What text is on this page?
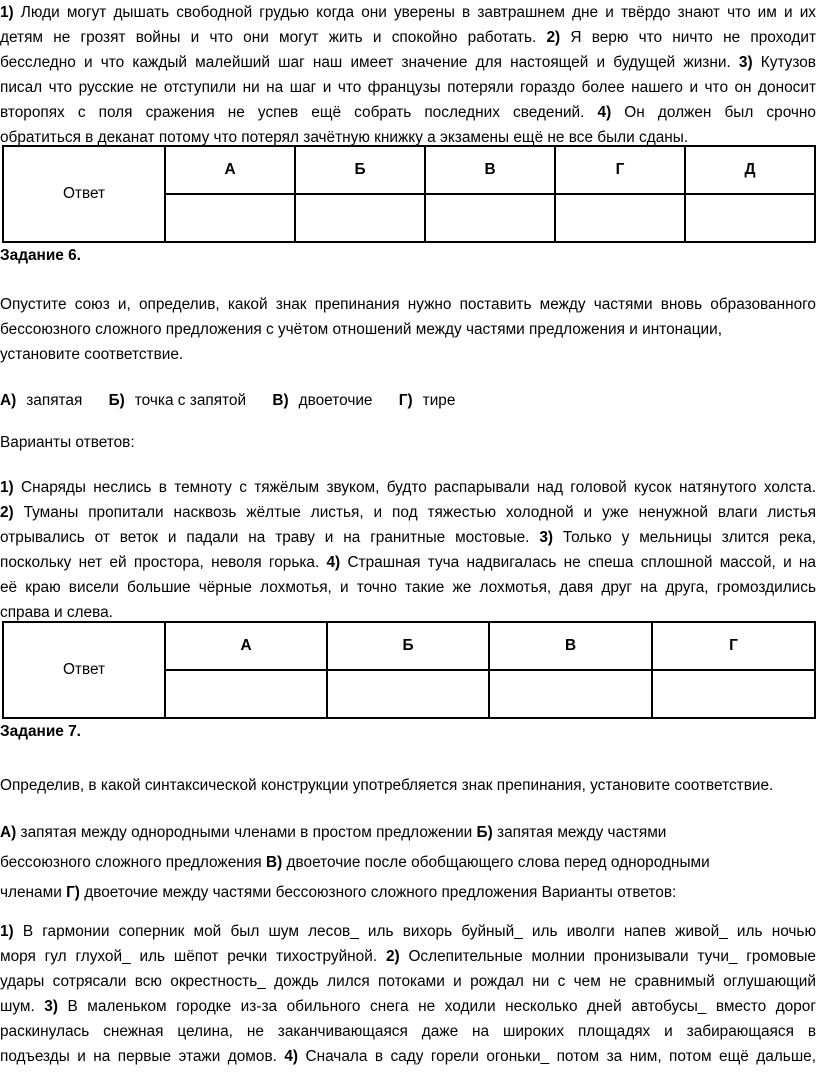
1) Люди могут дышать свободной грудью когда они уверены в завтрашнем дне и твёрдо знают что им и их

детям не грозят войны и что они могут жить и спокойно работать. 2) Я верю что ничто не проходит

бесследно и что каждый малейший шаг наш имеет значение для настоящей и будущей жизни. 3) Кутузов

писал что русские не отступили ни на шаг и что французы потеряли гораздо более нашего и что он доносит

второпях с поля сражения не успев ещё собрать последних сведений. 4) Он должен был срочно

обратиться в деканат потому что потерял зачётную книжку а экзамены ещё не все были сданы.

Ответ	А	Б	В	Г	Д

Задание 6.

Опустите союз и, определив, какой знак препинания нужно поставить между частями вновь образованного

бессоюзного сложного предложения с учётом отношений между частями предложения и интонации,

установите соответствие.

А) запятая Б) точка с запятой В) двоеточие Г) тире

Варианты ответов:

1) Снаряды неслись в темноту с тяжёлым звуком, будто распарывали над головой кусок натянутого холста.

2) Туманы пропитали насквозь жёлтые листья, и под тяжестью холодной и уже ненужной влаги листья

отрывались от веток и падали на траву и на гранитные мостовые. 3) Только у мельницы злится река,

поскольку нет ей простора, неволя горька. 4) Страшная туча надвигалась не спеша сплошной массой, и на

её краю висели большие чёрные лохмотья, и точно такие же лохмотья, давя друг на друга, громоздились

справа и слева.

Ответ	А	Б	В	Г

Задание 7.

Определив, в какой синтаксической конструкции употребляется знак препинания, установите соответствие.

А) запятая между однородными членами в простом предложении Б) запятая между частями

бессоюзного сложного предложения В) двоеточие после обобщающего слова перед однородными

членами Г) двоеточие между частями бессоюзного сложного предложения Варианты ответов:

1) В гармонии соперник мой был шум лесов_ иль вихорь буйный_ иль иволги напев живой_ иль ночью

моря гул глухой_ иль шёпот речки тихоструйной. 2) Ослепительные молнии пронизывали тучи_ громовые

удары сотрясали всю окрестность_ дождь лился потоками и рождал ни с чем не сравнимый оглушающий

шум. 3) В маленьком городке из-за обильного снега не ходили несколько дней автобусы_ вместо дорог

раскинулась снежная целина, не заканчивающаяся даже на широких площадях и забирающаяся в

подъезды и на первые этажи домов. 4) Сначала в саду горели огоньки_ потом за ним, потом ещё дальше,
